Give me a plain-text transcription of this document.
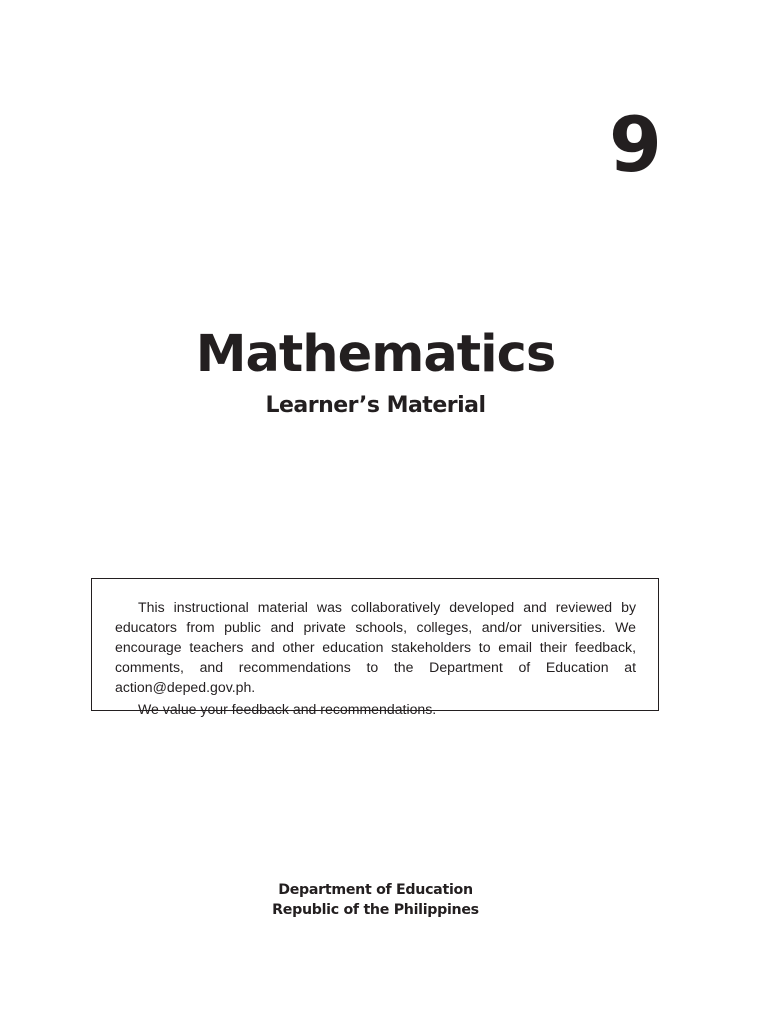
9
Mathematics
Learner’s Material

This instructional material was collaboratively developed and reviewed by educators from public and private schools, colleges, and/or universities. We encourage teachers and other education stakeholders to email their feedback, comments, and recommendations to the Department of Education at action@deped.gov.ph.

We value your feedback and recommendations.

Department of Education
Republic of the Philippines
